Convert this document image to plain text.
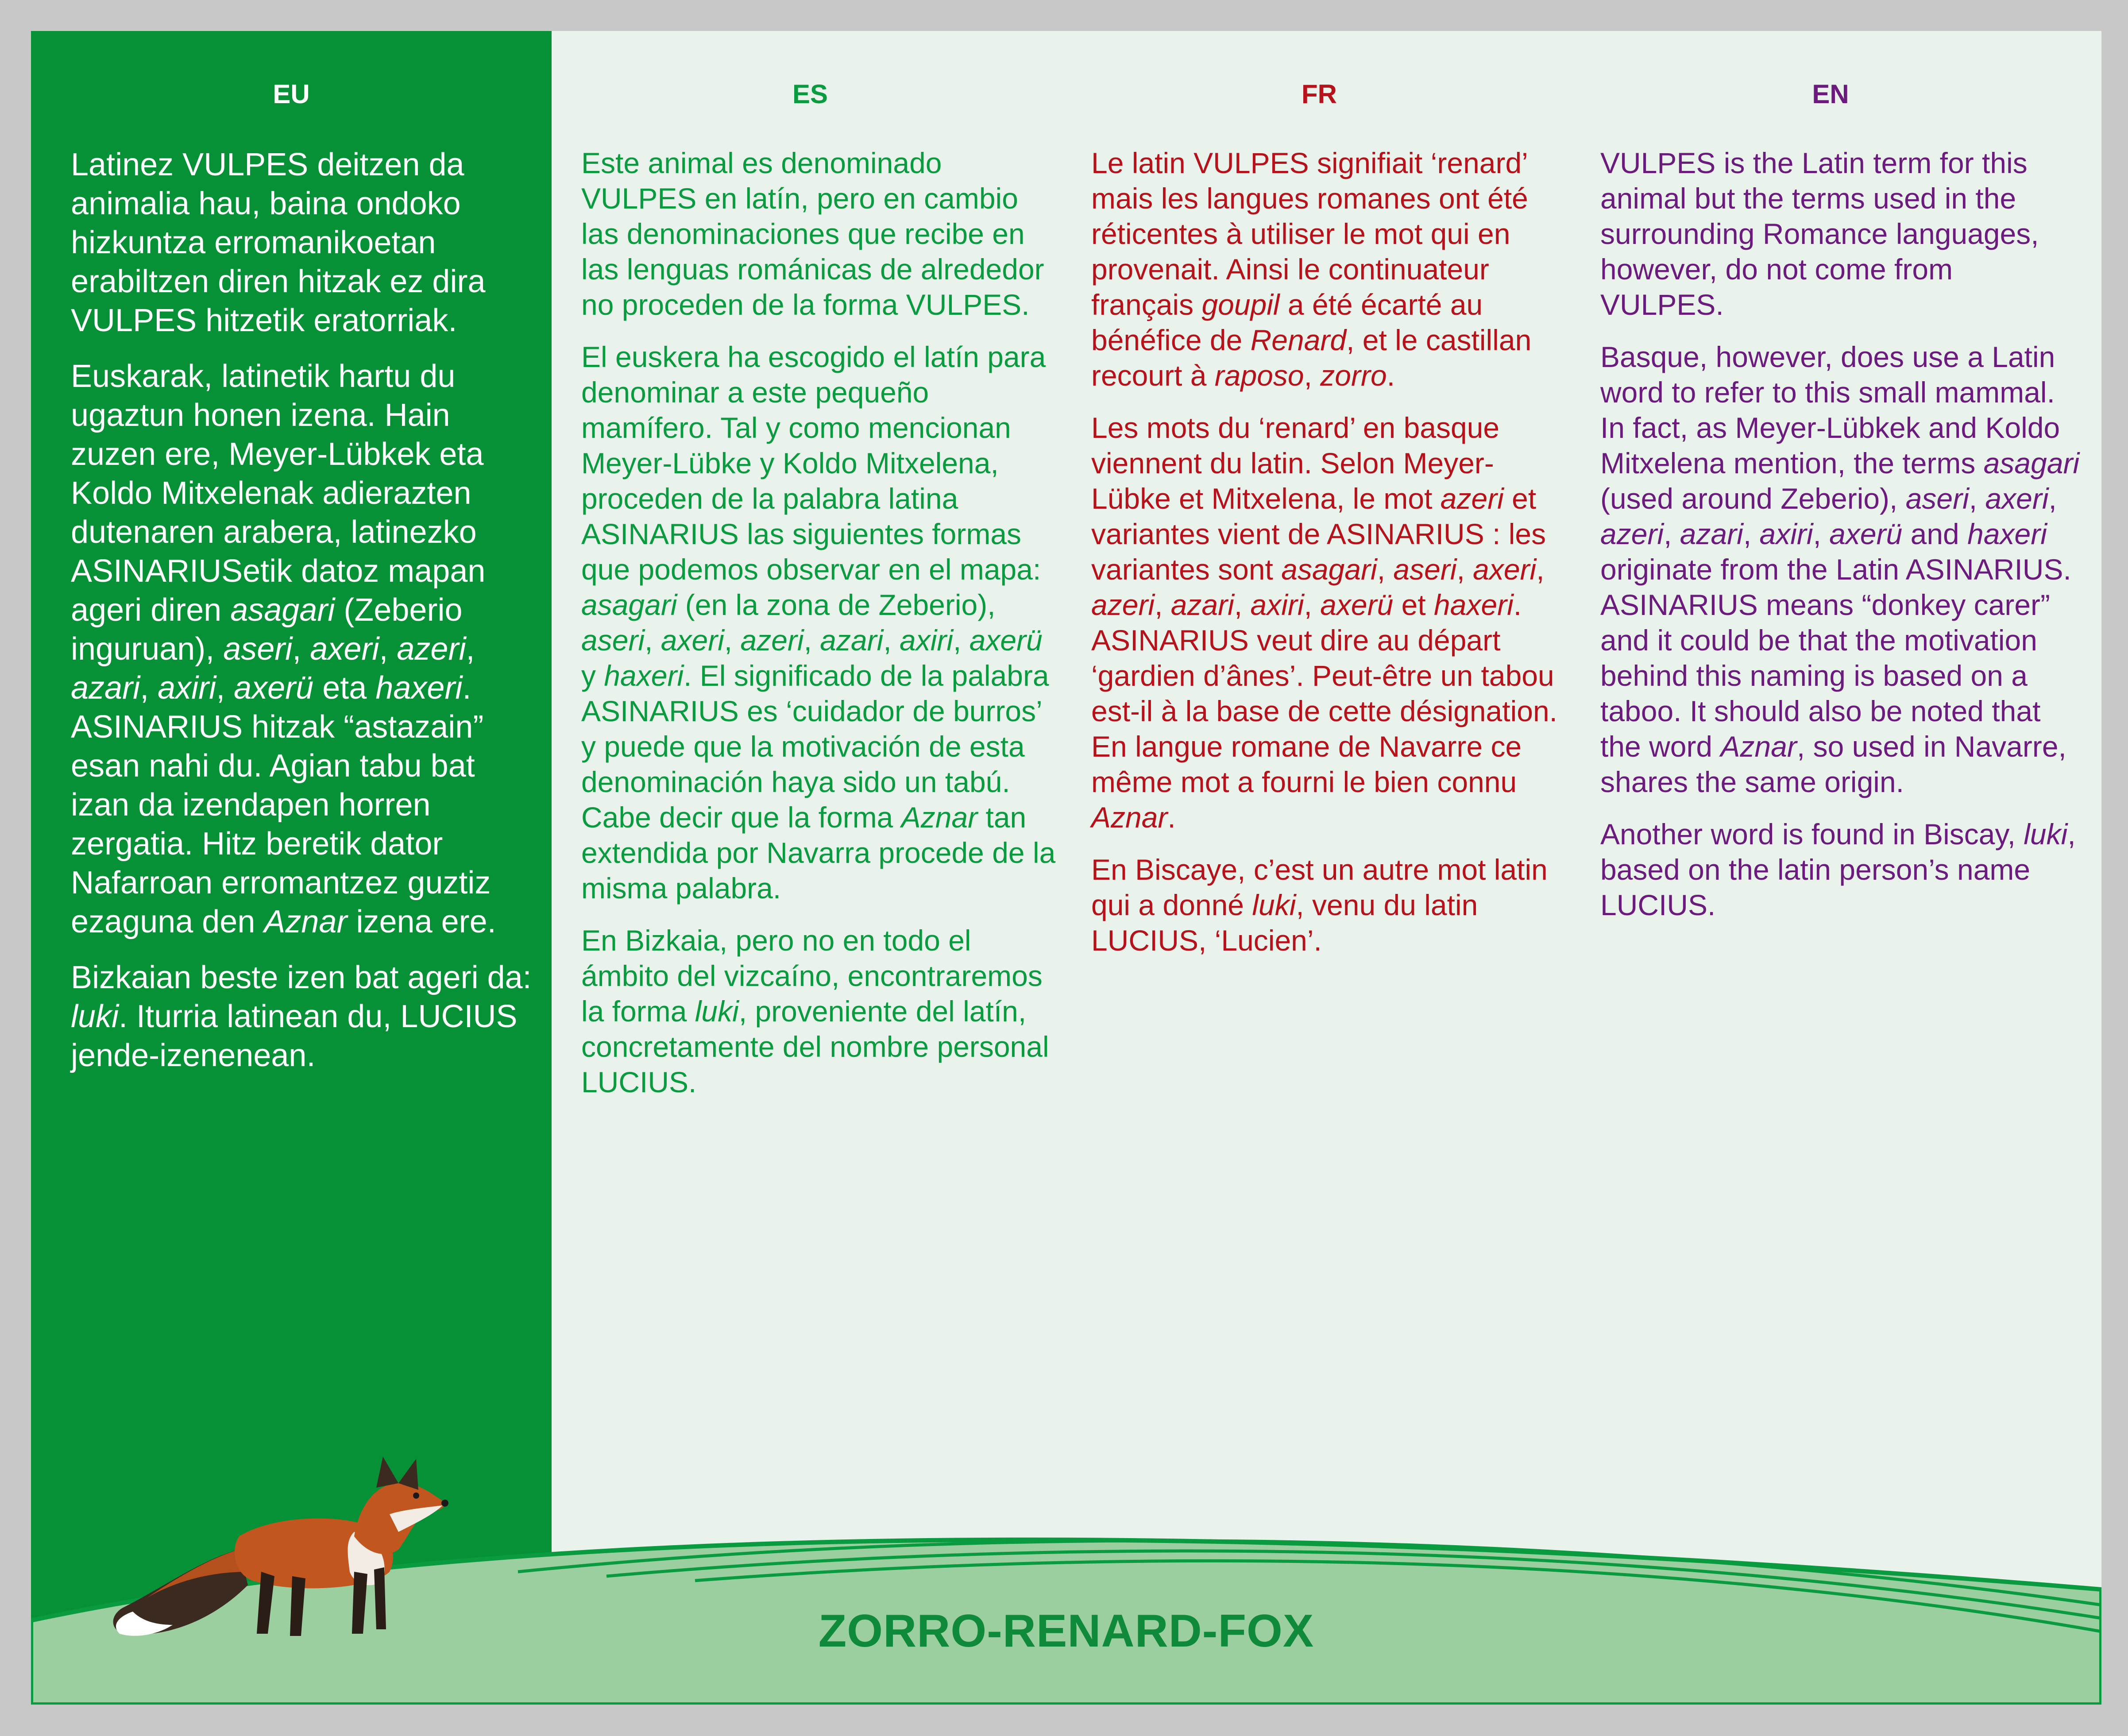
EU

Latinez VULPES deitzen da animalia hau, baina ondoko hizkuntza erromanikoetan erabiltzen diren hitzak ez dira VULPES hitzetik eratorriak.

Euskarak, latinetik hartu du ugaztun honen izena. Hain zuzen ere, Meyer-Lübkek eta Koldo Mitxelenak adierazten dutenaren arabera, latinezko ASINARIUSetik datoz mapan ageri diren asagari (Zeberio inguruan), aseri, axeri, azeri, azari, axiri, axerü eta haxeri. ASINARIUS hitzak “astazain” esan nahi du. Agian tabu bat izan da izendapen horren zergatia. Hitz beretik dator Nafarroan erromantzez guztiz ezaguna den Aznar izena ere.

Bizkaian beste izen bat ageri da: luki. Iturria latinean du, LUCIUS jende-izenenean.

ES

Este animal es denominado VULPES en latín, pero en cambio las denominaciones que recibe en las lenguas románicas de alrededor no proceden de la forma VULPES.

El euskera ha escogido el latín para denominar a este pequeño mamífero. Tal y como mencionan Meyer-Lübke y Koldo Mitxelena, proceden de la palabra latina ASINARIUS las siguientes formas que podemos observar en el mapa: asagari (en la zona de Zeberio), aseri, axeri, azeri, azari, axiri, axerü y haxeri. El significado de la palabra ASINARIUS es ‘cuidador de burros’ y puede que la motivación de esta denominación haya sido un tabú. Cabe decir que la forma Aznar tan extendida por Navarra procede de la misma palabra.

En Bizkaia, pero no en todo el ámbito del vizcaíno, encontraremos la forma luki, proveniente del latín, concretamente del nombre personal LUCIUS.

FR

Le latin VULPES signifiait ‘renard’ mais les langues romanes ont été réticentes à utiliser le mot qui en provenait. Ainsi le continuateur français goupil a été écarté au bénéfice de Renard, et le castillan recourt à raposo, zorro.

Les mots du ‘renard’ en basque viennent du latin. Selon Meyer-Lübke et Mitxelena, le mot azeri et variantes vient de ASINARIUS : les variantes sont asagari, aseri, axeri, azeri, azari, axiri, axerü et haxeri. ASINARIUS veut dire au départ ‘gardien d’ânes’. Peut-être un tabou est-il à la base de cette désignation. En langue romane de Navarre ce même mot a fourni le bien connu Aznar.

En Biscaye, c’est un autre mot latin qui a donné luki, venu du latin LUCIUS, ‘Lucien’.

EN

VULPES is the Latin term for this animal but the terms used in the surrounding Romance languages, however, do not come from VULPES.

Basque, however, does use a Latin word to refer to this small mammal. In fact, as Meyer-Lübkek and Koldo Mitxelena mention, the terms asagari (used around Zeberio), aseri, axeri, azeri, azari, axiri, axerü and haxeri originate from the Latin ASINARIUS. ASINARIUS means “donkey carer” and it could be that the motivation behind this naming is based on a taboo. It should also be noted that the word Aznar, so used in Navarre, shares the same origin.

Another word is found in Biscay, luki, based on the latin person’s name LUCIUS.

ZORRO-RENARD-FOX
